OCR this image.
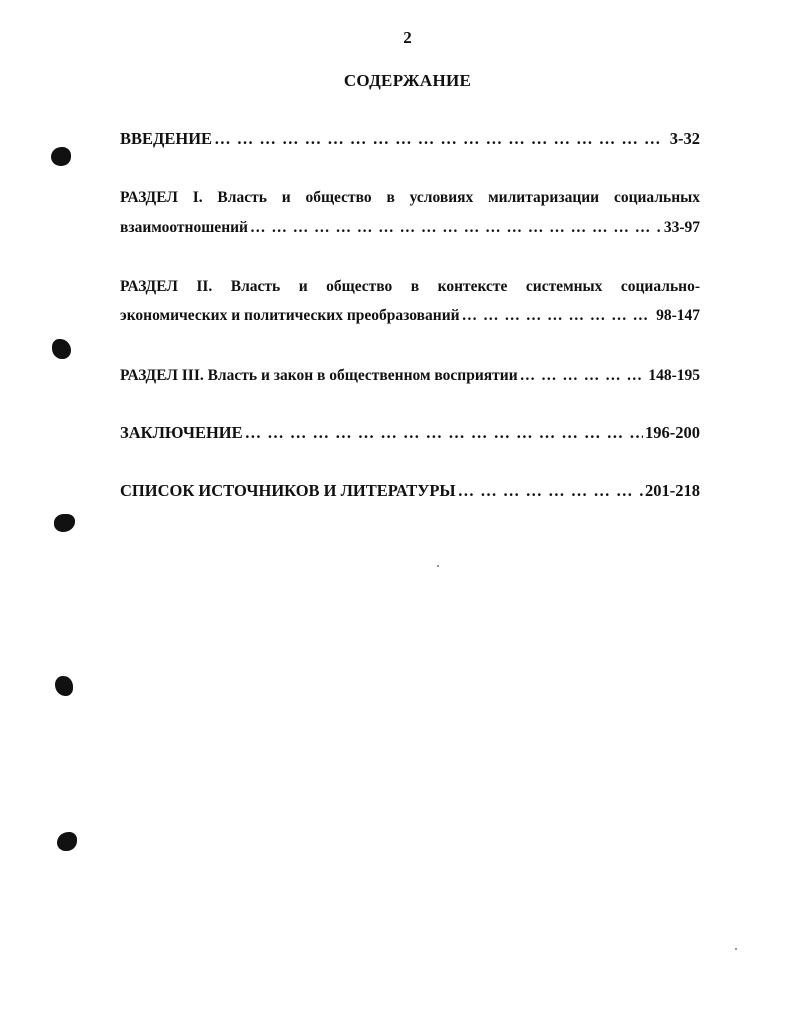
2
СОДЕРЖАНИЕ
ВВЕДЕНИЕ … … … … … … … … … … … … … … … … … … … … … … … … … … … … … … … … … … … … … … … … … … … … … … … … … … … … … …	3-32
РАЗДЕЛ I. Власть и общество в условиях милитаризации социальных
взаимоотношений … … … … … … … … … … … … … … … … … … … … … … … … … … … … … … … … … … … … … … … … … … … … … … … … … … … … … …	33-97
РАЗДЕЛ II. Власть и общество в контексте системных социально-
экономических и политических преобразований … … … … … … … … … … … … … … … … … … … … … … … … … … … … … … … … … … … … … … … … … … … … … … … … … … … … … …	98-147
РАЗДЕЛ III. Власть и закон в общественном восприятии … … … … … … … … … … … … … … … … … … … … … … … … … … … … … … … … … … … … … … … … … … … … … … … … … … … … … …	148-195
ЗАКЛЮЧЕНИЕ … … … … … … … … … … … … … … … … … … … … … … … … … … … … … … … … … … … … … … … … … … … … … … … … … … … … … …	196-200
СПИСОК ИСТОЧНИКОВ И ЛИТЕРАТУРЫ … … … … … … … … … … … … … … … … … … … … … … … … … … … … … … … … … … … … … … … … … … … … … … … … … … … … … …	201-218
